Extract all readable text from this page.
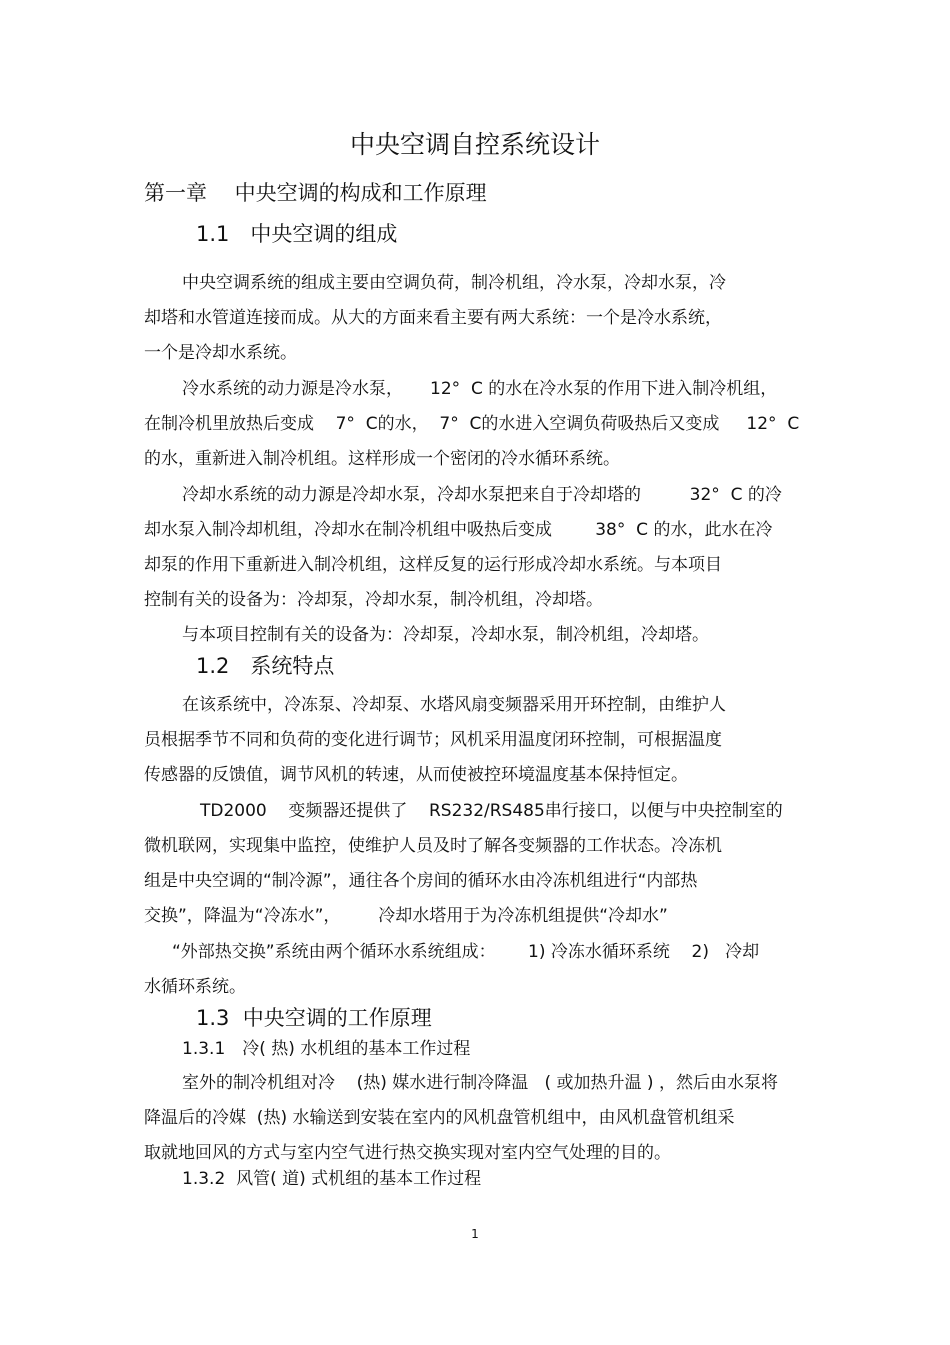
中央空调自控系统设计
第一章　 中央空调的构成和工作原理
1.1　中央空调的组成
中央空调系统的组成主要由空调负荷，制冷机组，冷水泵，冷却水泵，冷
却塔和水管道连接而成。从大的方面来看主要有两大系统：一个是冷水系统，
一个是冷却水系统。
冷水系统的动力源是冷水泵，     12°  C 的水在冷水泵的作用下进入制冷机组，
在制冷机里放热后变成    7°  C的水，  7°  C的水进入空调负荷吸热后又变成     12°  C
的水，重新进入制冷机组。这样形成一个密闭的冷水循环系统。
冷却水系统的动力源是冷却水泵，冷却水泵把来自于冷却塔的         32°  C 的冷
却水泵入制冷却机组，冷却水在制冷机组中吸热后变成        38°  C 的水，此水在冷
却泵的作用下重新进入制冷机组，这样反复的运行形成冷却水系统。与本项目
控制有关的设备为：冷却泵，冷却水泵，制冷机组，冷却塔。
与本项目控制有关的设备为：冷却泵，冷却水泵，制冷机组，冷却塔。
1.2　系统特点
在该系统中，冷冻泵、冷却泵、水塔风扇变频器采用开环控制，由维护人
员根据季节不同和负荷的变化进行调节；风机采用温度闭环控制，可根据温度
传感器的反馈值，调节风机的转速，从而使被控环境温度基本保持恒定。
TD2000    变频器还提供了    RS232/RS485串行接口，以便与中央控制室的
微机联网，实现集中监控，使维护人员及时了解各变频器的工作状态。冷冻机
组是中央空调的“制冷源”，通往各个房间的循环水由冷冻机组进行“内部热
交换”，降温为“冷冻水”，       冷却水塔用于为冷冻机组提供“冷却水”
“外部热交换”系统由两个循环水系统组成：      1) 冷冻水循环系统    2)   冷却
水循环系统。
1.3  中央空调的工作原理
1.3.1　冷( 热) 水机组的基本工作过程
室外的制冷机组对冷    (热) 媒水进行制冷降温   ( 或加热升温 ) ，然后由水泵将
降温后的冷媒  (热) 水输送到安装在室内的风机盘管机组中，由风机盘管机组采
取就地回风的方式与室内空气进行热交换实现对室内空气处理的目的。
1.3.2  风管( 道) 式机组的基本工作过程
1
